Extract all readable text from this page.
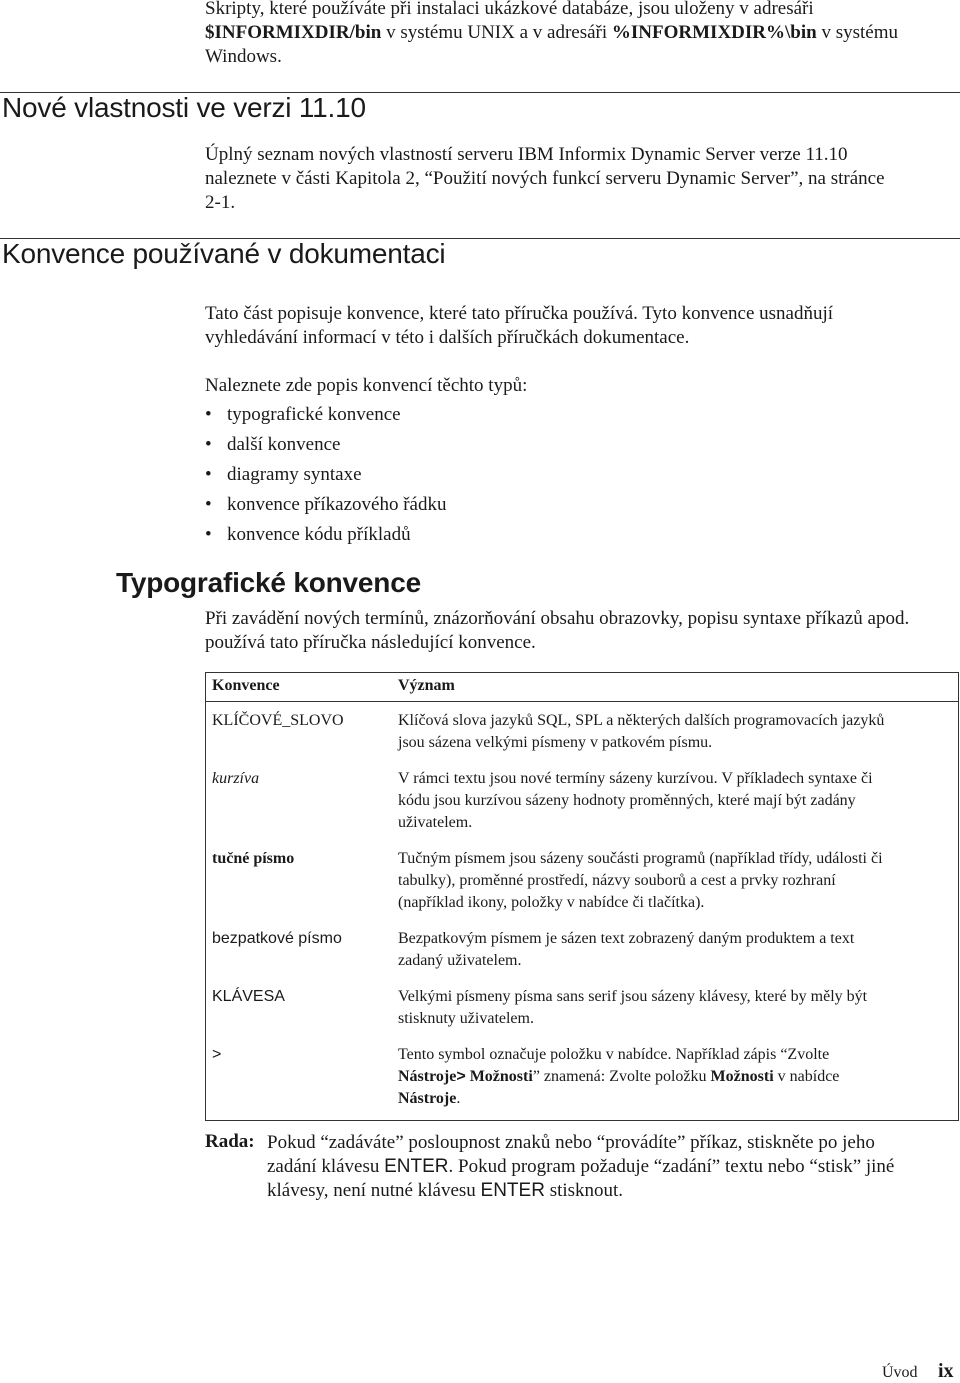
Skripty, které používáte při instalaci ukázkové databáze, jsou uloženy v adresáři
$INFORMIXDIR/bin v systému UNIX a v adresáři %INFORMIXDIR%\bin v systému
Windows.
Nové vlastnosti ve verzi 11.10
Úplný seznam nových vlastností serveru IBM Informix Dynamic Server verze 11.10
naleznete v části Kapitola 2, “Použití nových funkcí serveru Dynamic Server”, na stránce
2-1.
Konvence používané v dokumentaci
Tato část popisuje konvence, které tato příručka používá. Tyto konvence usnadňují
vyhledávání informací v této i dalších příručkách dokumentace.
Naleznete zde popis konvencí těchto typů:
• typografické konvence
• další konvence
• diagramy syntaxe
• konvence příkazového řádku
• konvence kódu příkladů
Typografické konvence
Při zavádění nových termínů, znázorňování obsahu obrazovky, popisu syntaxe příkazů apod.
používá tato příručka následující konvence.
Konvence	Význam
KLÍČOVÉ_SLOVO	Klíčová slova jazyků SQL, SPL a některých dalších programovacích jazyků
jsou sázena velkými písmeny v patkovém písmu.

kurzíva	V rámci textu jsou nové termíny sázeny kurzívou. V příkladech syntaxe či
kódu jsou kurzívou sázeny hodnoty proměnných, které mají být zadány
uživatelem.

tučné písmo	Tučným písmem jsou sázeny součásti programů (například třídy, události či
tabulky), proměnné prostředí, názvy souborů a cest a prvky rozhraní
(například ikony, položky v nabídce či tlačítka).

bezpatkové písmo	Bezpatkovým písmem je sázen text zobrazený daným produktem a text
zadaný uživatelem.

KLÁVESA	Velkými písmeny písma sans serif jsou sázeny klávesy, které by měly být
stisknuty uživatelem.

>	Tento symbol označuje položku v nabídce. Například zápis “Zvolte
Nástroje> Možnosti” znamená: Zvolte položku Možnosti v nabídce
Nástroje.
Rada: Pokud “zadáváte” posloupnost znaků nebo “provádíte” příkaz, stiskněte po jeho
zadání klávesu ENTER. Pokud program požaduje “zadání” textu nebo “stisk” jiné
klávesy, není nutné klávesu ENTER stisknout.
Úvod ix
